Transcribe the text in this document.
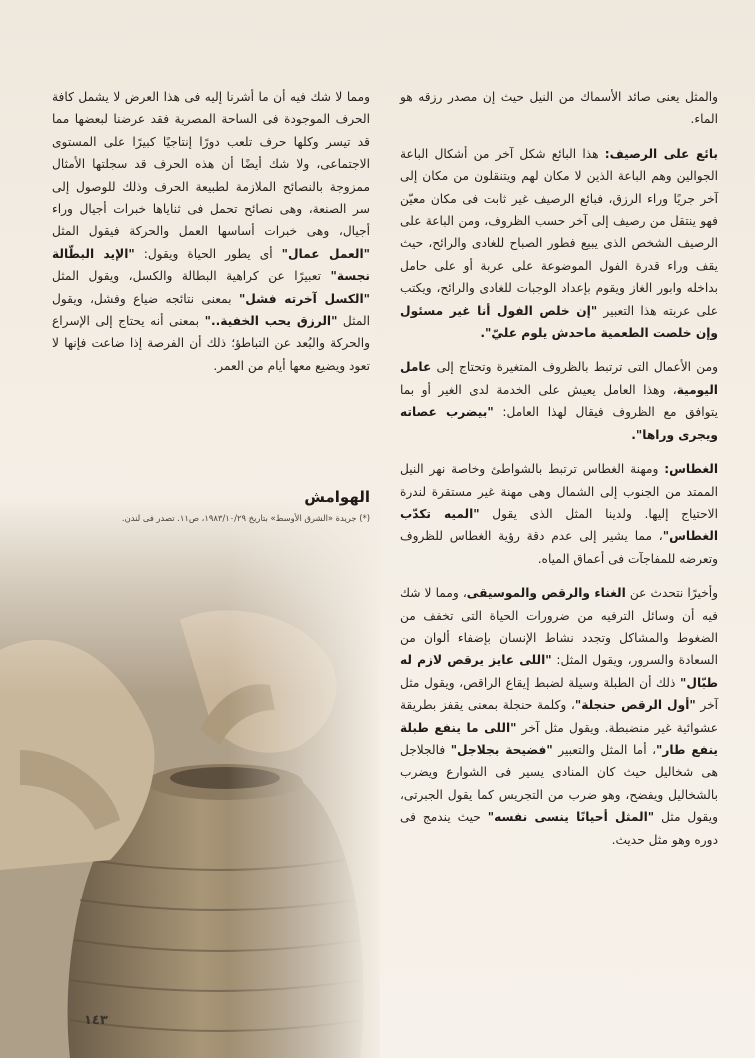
والمثل يعنى صائد الأسماك من النيل حيث إن مصدر رزقه هو الماء.

بائع على الرصيف: هذا البائع شكل آخر من أشكال الباعة الجوالين وهم الباعة الذين لا مكان لهم ويتنقلون من مكان إلى آخر جريًا وراء الرزق، فبائع الرصيف غير ثابت فى مكان معيّن فهو ينتقل من رصيف إلى آخر حسب الظروف، ومن الباعة على الرصيف الشخص الذى يبيع فطور الصباح للغادى والرائح، حيث يقف وراء قدرة الفول الموضوعة على عربة أو على حامل بداخله وابور الغاز ويقوم بإعداد الوجبات للغادى والرائح، ويكتب على عربته هذا التعبير "إن خلص الفول أنا غير مسئول وإن خلصت الطعمية ماحدش يلوم عليّ".

ومن الأعمال التى ترتبط بالظروف المتغيرة وتحتاج إلى عامل اليومية، وهذا العامل يعيش على الخدمة لدى الغير أو بما يتوافق مع الظروف فيقال لهذا العامل: "بيضرب عصاته ويجرى وراها".

الغطاس: ومهنة الغطاس ترتبط بالشواطئ وخاصة نهر النيل الممتد من الجنوب إلى الشمال وهى مهنة غير مستقرة لندرة الاحتياج إليها. ولدينا المثل الذى يقول "الميه تكدّب الغطاس"، مما يشير إلى عدم دقة رؤية الغطاس للظروف وتعرضه للمفاجآت فى أعماق المياه.

وأخيرًا نتحدث عن الغناء والرقص والموسيقى، ومما لا شك فيه أن وسائل الترفيه من ضرورات الحياة التى تخفف من الضغوط والمشاكل وتجدد نشاط الإنسان بإضفاء ألوان من السعادة والسرور، ويقول المثل: "اللى عايز يرقص لازم له طبّال" ذلك أن الطبلة وسيلة لضبط إيقاع الراقص، ويقول مثل آخر "أول الرقص حنجلة"، وكلمة حنجلة بمعنى يقفز بطريقة عشوائية غير منضبطة. ويقول مثل آخر "اللى ما ينفع طبلة ينفع طار"، أما المثل والتعبير "فضيحة بجلاجل" فالجلاجل هى شخاليل حيث كان المنادى يسير فى الشوارع ويضرب بالشخاليل ويفضح، وهو ضرب من التجريس كما يقول الجبرتى، ويقول مثل "المثل أحيانًا ينسى نفسه" حيث يندمج فى دوره وهو مثل حديث.

ومما لا شك فيه أن ما أشرنا إليه فى هذا العرض لا يشمل كافة الحرف الموجودة فى الساحة المصرية فقد عرضنا لبعضها مما قد تيسر وكلها حرف تلعب دورًا إنتاجيًا كبيرًا على المستوى الاجتماعى، ولا شك أيضًا أن هذه الحرف قد سجلتها الأمثال ممزوجة بالنصائح الملازمة لطبيعة الحرف وذلك للوصول إلى سر الصنعة، وهى نصائح تحمل فى ثناياها خبرات أجيال وراء أجيال، وهى خبرات أساسها العمل والحركة فيقول المثل "العمل عمال" أى يطور الحياة ويقول: "الإيد البطّالة نجسة" تعبيرًا عن كراهية البطالة والكسل، ويقول المثل "الكسل آخرته فشل" بمعنى نتائجه ضياع وفشل، ويقول المثل "الرزق يحب الخفية.." بمعنى أنه يحتاج إلى الإسراع والحركة والبُعد عن التباطؤ؛ ذلك أن الفرصة إذا ضاعت فإنها لا تعود ويضيع معها أيام من العمر.

الهوامش
(*) جريدة «الشرق الأوسط» بتاريخ ١٩٨٣/١٠/٢٩، ص١١. تصدر فى لندن.
١٤٣
